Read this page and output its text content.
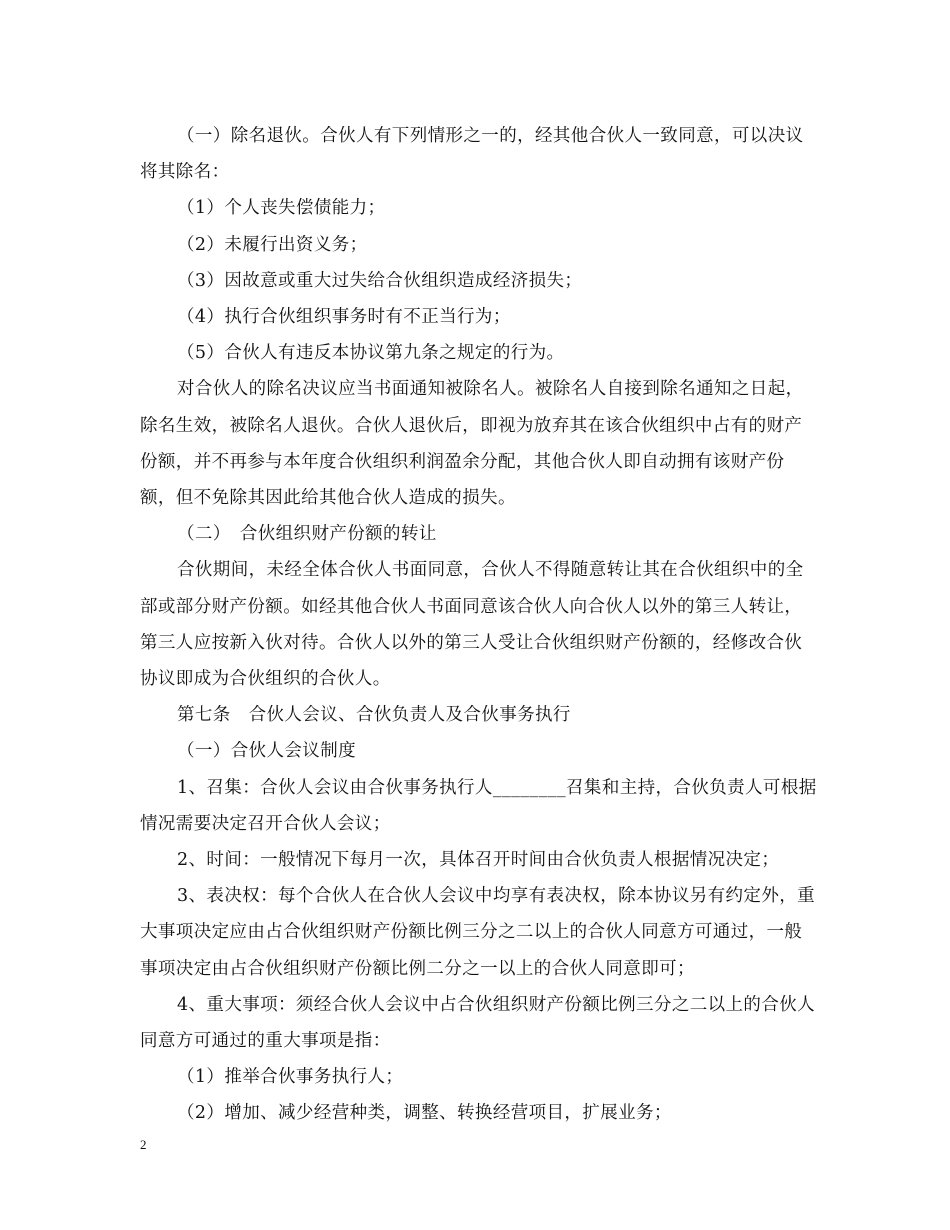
（一）除名退伙。合伙人有下列情形之一的，经其他合伙人一致同意，可以决议将其除名：

（1）个人丧失偿债能力；

（2）未履行出资义务；

（3）因故意或重大过失给合伙组织造成经济损失；

（4）执行合伙组织事务时有不正当行为；

（5）合伙人有违反本协议第九条之规定的行为。

对合伙人的除名决议应当书面通知被除名人。被除名人自接到除名通知之日起，除名生效，被除名人退伙。合伙人退伙后，即视为放弃其在该合伙组织中占有的财产份额，并不再参与本年度合伙组织利润盈余分配，其他合伙人即自动拥有该财产份额，但不免除其因此给其他合伙人造成的损失。

（二）　合伙组织财产份额的转让

合伙期间，未经全体合伙人书面同意，合伙人不得随意转让其在合伙组织中的全部或部分财产份额。如经其他合伙人书面同意该合伙人向合伙人以外的第三人转让，第三人应按新入伙对待。合伙人以外的第三人受让合伙组织财产份额的，经修改合伙协议即成为合伙组织的合伙人。

第七条　合伙人会议、合伙负责人及合伙事务执行

（一）合伙人会议制度

1、召集：合伙人会议由合伙事务执行人________召集和主持，合伙负责人可根据情况需要决定召开合伙人会议；

2、时间：一般情况下每月一次，具体召开时间由合伙负责人根据情况决定；

3、表决权：每个合伙人在合伙人会议中均享有表决权，除本协议另有约定外，重大事项决定应由占合伙组织财产份额比例三分之二以上的合伙人同意方可通过，一般事项决定由占合伙组织财产份额比例二分之一以上的合伙人同意即可；

4、重大事项：须经合伙人会议中占合伙组织财产份额比例三分之二以上的合伙人同意方可通过的重大事项是指：

（1）推举合伙事务执行人；

（2）增加、减少经营种类，调整、转换经营项目，扩展业务；

2
